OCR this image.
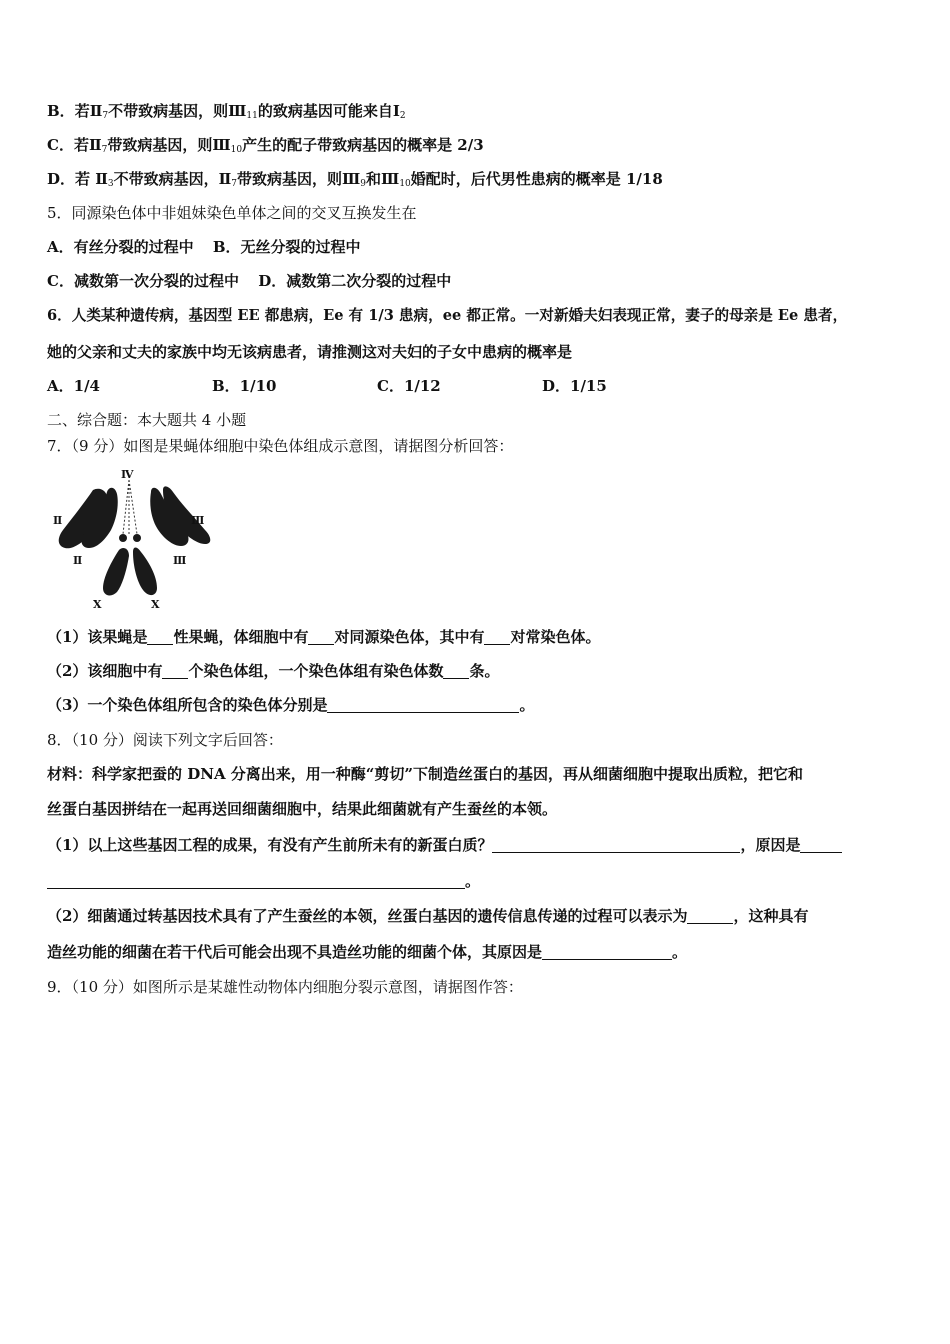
B．若$Ⅱ_7$不带致病基因，则$Ⅲ_{11}$的致病基因可能来自$Ⅰ_2$
C．若$Ⅱ_7$带致病基因，则$Ⅲ_{10}$产生的配子带致病基因的概率是 2/3
D．若 $Ⅱ_3$不带致病基因，$Ⅱ_7$带致病基因，则$Ⅲ_9$和$Ⅲ_{10}$婚配时，后代男性患病的概率是 1/18
5．同源染色体中非姐妹染色单体之间的交叉互换发生在
A．有丝分裂的过程中 B．无丝分裂的过程中
C．减数第一次分裂的过程中 D．减数第二次分裂的过程中
6．人类某种遗传病，基因型 EE 都患病，Ee 有 1/3 患病，ee 都正常。一对新婚夫妇表现正常，妻子的母亲是 Ee 患者，
她的父亲和丈夫的家族中均无该病患者，请推测这对夫妇的子女中患病的概率是
A．1/4	B．1/10	C．1/12	D．1/15
二、综合题：本大题共 4 小题
7．（9 分）如图是果蝇体细胞中染色体组成示意图，请据图分析回答：
Ⅳ
Ⅱ	Ⅲ
Ⅱ	Ⅲ
X	X
（1）该果蝇是 性果蝇，体细胞中有 对同源染色体，其中有 对常染色体。
（2）该细胞中有 个染色体组，一个染色体组有染色体数 条。
（3）一个染色体组所包含的染色体分别是	。
8．（10 分）阅读下列文字后回答：
材料：科学家把蚕的 DNA 分离出来，用一种酶“剪切”下制造丝蛋白的基因，再从细菌细胞中提取出质粒，把它和
丝蛋白基因拼结在一起再送回细菌细胞中，结果此细菌就有产生蚕丝的本领。
（1）以上这些基因工程的成果，有没有产生前所未有的新蛋白质？	，原因是
。
（2）细菌通过转基因技术具有了产生蚕丝的本领，丝蛋白基因的遗传信息传递的过程可以表示为	，这种具有
造丝功能的细菌在若干代后可能会出现不具造丝功能的细菌个体，其原因是	。
9．（10 分）如图所示是某雄性动物体内细胞分裂示意图，请据图作答：
